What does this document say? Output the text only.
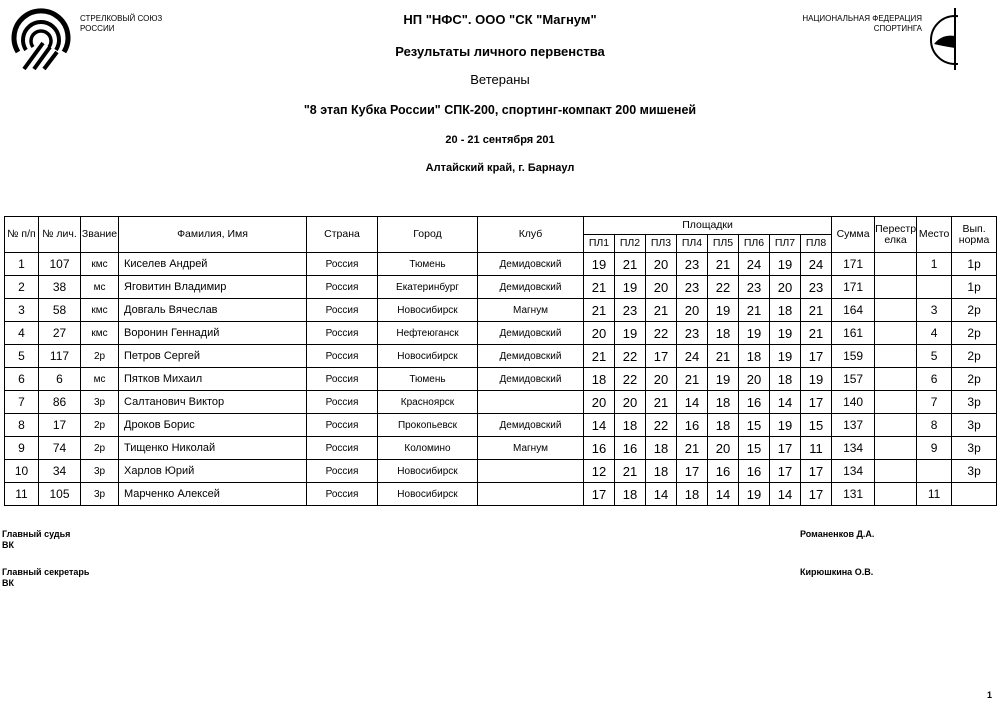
СТРЕЛКОВЫЙ СОЮЗ
РОССИИ
НАЦИОНАЛЬНАЯ ФЕДЕРАЦИЯ
СПОРТИНГА
НП "НФС". ООО "СК "Магнум"
Результаты личного первенства
Ветераны
"8 этап Кубка России" СПК-200, спортинг-компакт 200 мишеней
20 - 21 сентября 201
Алтайский край, г. Барнаул
№ п/п	№ лич.	Звание	Фамилия, Имя	Страна	Город	Клуб	Площадки								Сумма	Перестрелка	Место	Вып. норма
							ПЛ1	ПЛ2	ПЛ3	ПЛ4	ПЛ5	ПЛ6	ПЛ7	ПЛ8				
1	107	кмс	Киселев Андрей	Россия	Тюмень	Демидовский	19	21	20	23	21	24	19	24	171		1	1р
2	38	мс	Яговитин Владимир	Россия	Екатеринбург	Демидовский	21	19	20	23	22	23	20	23	171			1р
3	58	кмс	Довгаль Вячеслав	Россия	Новосибирск	Магнум	21	23	21	20	19	21	18	21	164		3	2р
4	27	кмс	Воронин Геннадий	Россия	Нефтеюганск	Демидовский	20	19	22	23	18	19	19	21	161		4	2р
5	117	2р	Петров Сергей	Россия	Новосибирск	Демидовский	21	22	17	24	21	18	19	17	159		5	2р
6	6	мс	Пятков Михаил	Россия	Тюмень	Демидовский	18	22	20	21	19	20	18	19	157		6	2р
7	86	3р	Салтанович Виктор	Россия	Красноярск		20	20	21	14	18	16	14	17	140		7	3р
8	17	2р	Дроков Борис	Россия	Прокопьевск	Демидовский	14	18	22	16	18	15	19	15	137		8	3р
9	74	2р	Тищенко Николай	Россия	Коломино	Магнум	16	16	18	21	20	15	17	11	134		9	3р
10	34	3р	Харлов Юрий	Россия	Новосибирск		12	21	18	17	16	16	17	17	134			3р
11	105	3р	Марченко Алексей	Россия	Новосибирск		17	18	14	18	14	19	14	17	131		11	
Главный судья
ВК
Романенков Д.А.
Главный секретарь
ВК
Кирюшкина О.В.
1
